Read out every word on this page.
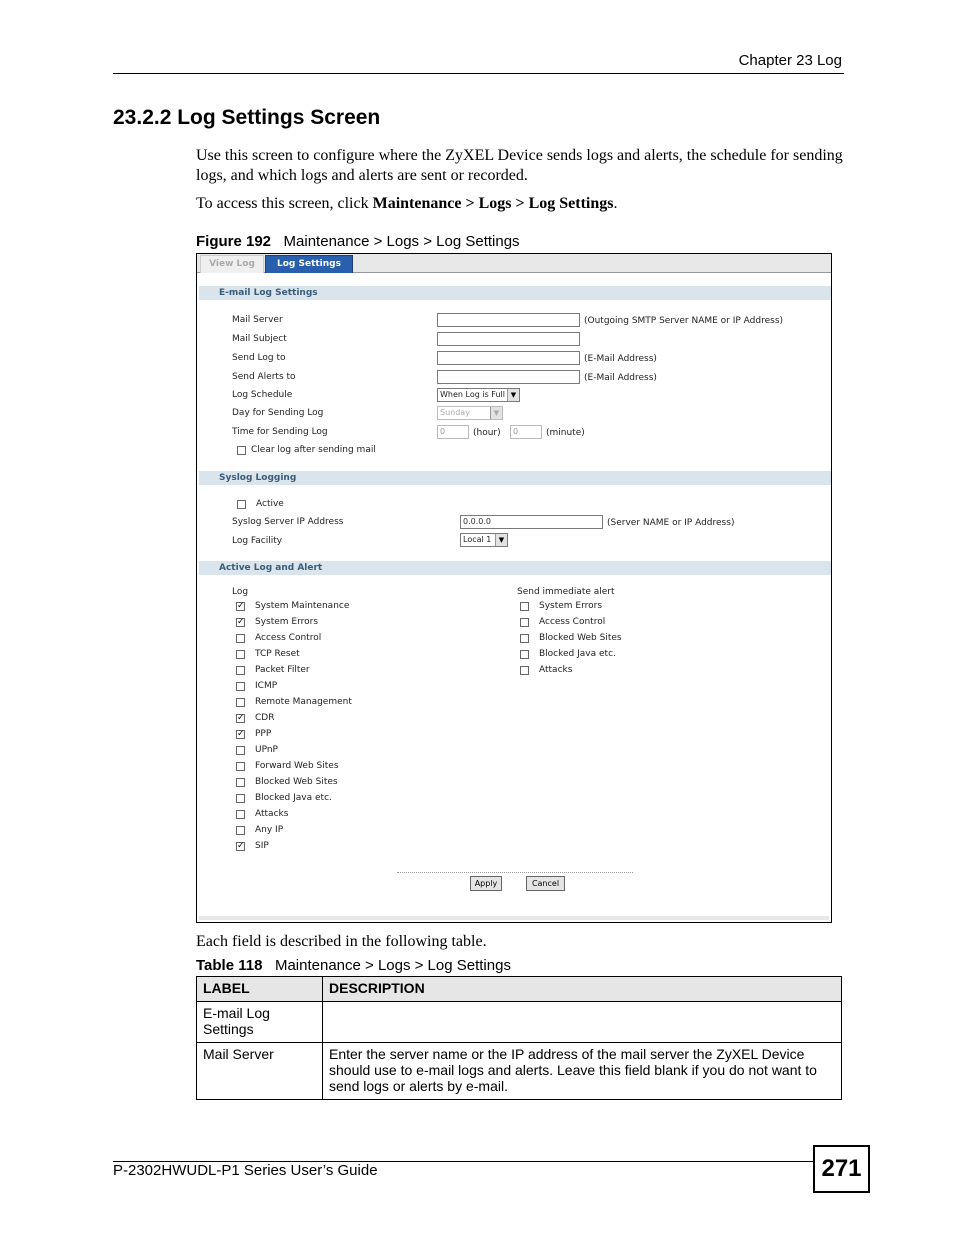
Chapter 23 Log
23.2.2 Log Settings Screen
Use this screen to configure where the ZyXEL Device sends logs and alerts, the schedule for sending logs, and which logs and alerts are sent or recorded.
To access this screen, click Maintenance > Logs > Log Settings.
Figure 192 Maintenance > Logs > Log Settings
View Log	Log Settings
E-mail Log Settings
Mail Server	(Outgoing SMTP Server NAME or IP Address)
Mail Subject
Send Log to	(E-Mail Address)
Send Alerts to	(E-Mail Address)
Log Schedule	When Log is Full ▼
Day for Sending Log	Sunday	▼
Time for Sending Log	0	(hour)	0	(minute)
Clear log after sending mail
Syslog Logging
Active
Syslog Server IP Address	0.0.0.0	(Server NAME or IP Address)
Log Facility	Local 1	▼
Active Log and Alert
Log	Send immediate alert
✓ System Maintenance
✓ System Errors
Access Control
TCP Reset
Packet Filter
ICMP
Remote Management
✓ CDR
✓ PPP
UPnP
Forward Web Sites
Blocked Web Sites
Blocked Java etc.
Attacks
Any IP
✓ SIP
System Errors
Access Control
Blocked Web Sites
Blocked Java etc.
Attacks
Apply	Cancel
Each field is described in the following table.
Table 118 Maintenance > Logs > Log Settings
LABEL	DESCRIPTION
E-mail Log Settings	
Mail Server	Enter the server name or the IP address of the mail server the ZyXEL Device should use to e-mail logs and alerts. Leave this field blank if you do not want to send logs or alerts by e-mail.
P-2302HWUDL-P1 Series User’s Guide	271
